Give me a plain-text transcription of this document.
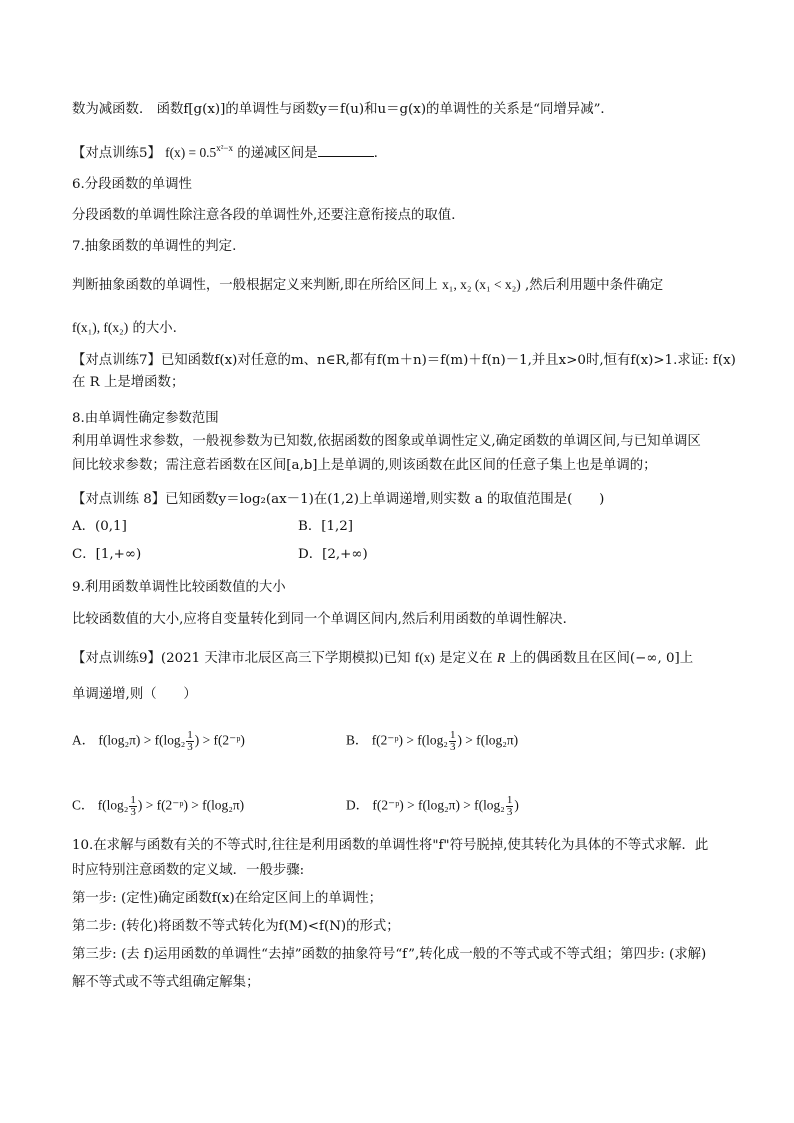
数为减函数． 函数f[g(x)]的单调性与函数y＝f(u)和u＝g(x)的单调性的关系是“同增异减”．
【对点训练5】 $f(x) = 0.5^{x^2-x}$ 的递减区间是	.
6.分段函数的单调性
分段函数的单调性除注意各段的单调性外,还要注意衔接点的取值．
7.抽象函数的单调性的判定.
判断抽象函数的单调性，一般根据定义来判断,即在所给区间上 x₁, x₂ (x₁ < x₂) ,然后利用题中条件确定
f(x₁), f(x₂) 的大小.
【对点训练7】已知函数f(x)对任意的m、n∈R,都有f(m＋n)＝f(m)＋f(n)－1,并且x>0时,恒有f(x)>1.求证: f(x)
在 R 上是增函数；
8.由单调性确定参数范围
利用单调性求参数，一般视参数为已知数,依据函数的图象或单调性定义,确定函数的单调区间,与已知单调区
间比较求参数；需注意若函数在区间[a,b]上是单调的,则该函数在此区间的任意子集上也是单调的；
【对点训练 8】已知函数y＝log₂(ax－1)在(1,2)上单调递增,则实数 a 的取值范围是(　　)
A．(0,1]	B．[1,2]
C．[1,+∞)	D．[2,+∞)
9.利用函数单调性比较函数值的大小
比较函数值的大小,应将自变量转化到同一个单调区间内,然后利用函数的单调性解决．
【对点训练9】(2021 天津市北辰区高三下学期模拟)已知 f(x) 是定义在 R 上的偶函数且在区间(−∞, 0]上
单调递增,则（　　）
A． $f(\log_2\pi) > f(\log_2 \frac{1}{3}$ ) > f(2⁻ᵖ)	B． f(2⁻ᵖ) > $f(\log_2 \frac{1}{3}$ ) > f(log₂π)
C． $f(\log_2 \frac{1}{3}$ ) > f(2⁻ᵖ) > f(log₂π)	D． f(2⁻ᵖ) > $f(\log_2\pi) > f(\log_2 \frac{1}{3}$ )
10.在求解与函数有关的不等式时,往往是利用函数的单调性将"f"符号脱掉,使其转化为具体的不等式求解．此
时应特别注意函数的定义域．一般步骤:
第一步: (定性)确定函数f(x)在给定区间上的单调性；
第二步: (转化)将函数不等式转化为f(M)<f(N)的形式；
第三步: (去 f)运用函数的单调性“去掉”函数的抽象符号“f”,转化成一般的不等式或不等式组；第四步: (求解)
解不等式或不等式组确定解集；
